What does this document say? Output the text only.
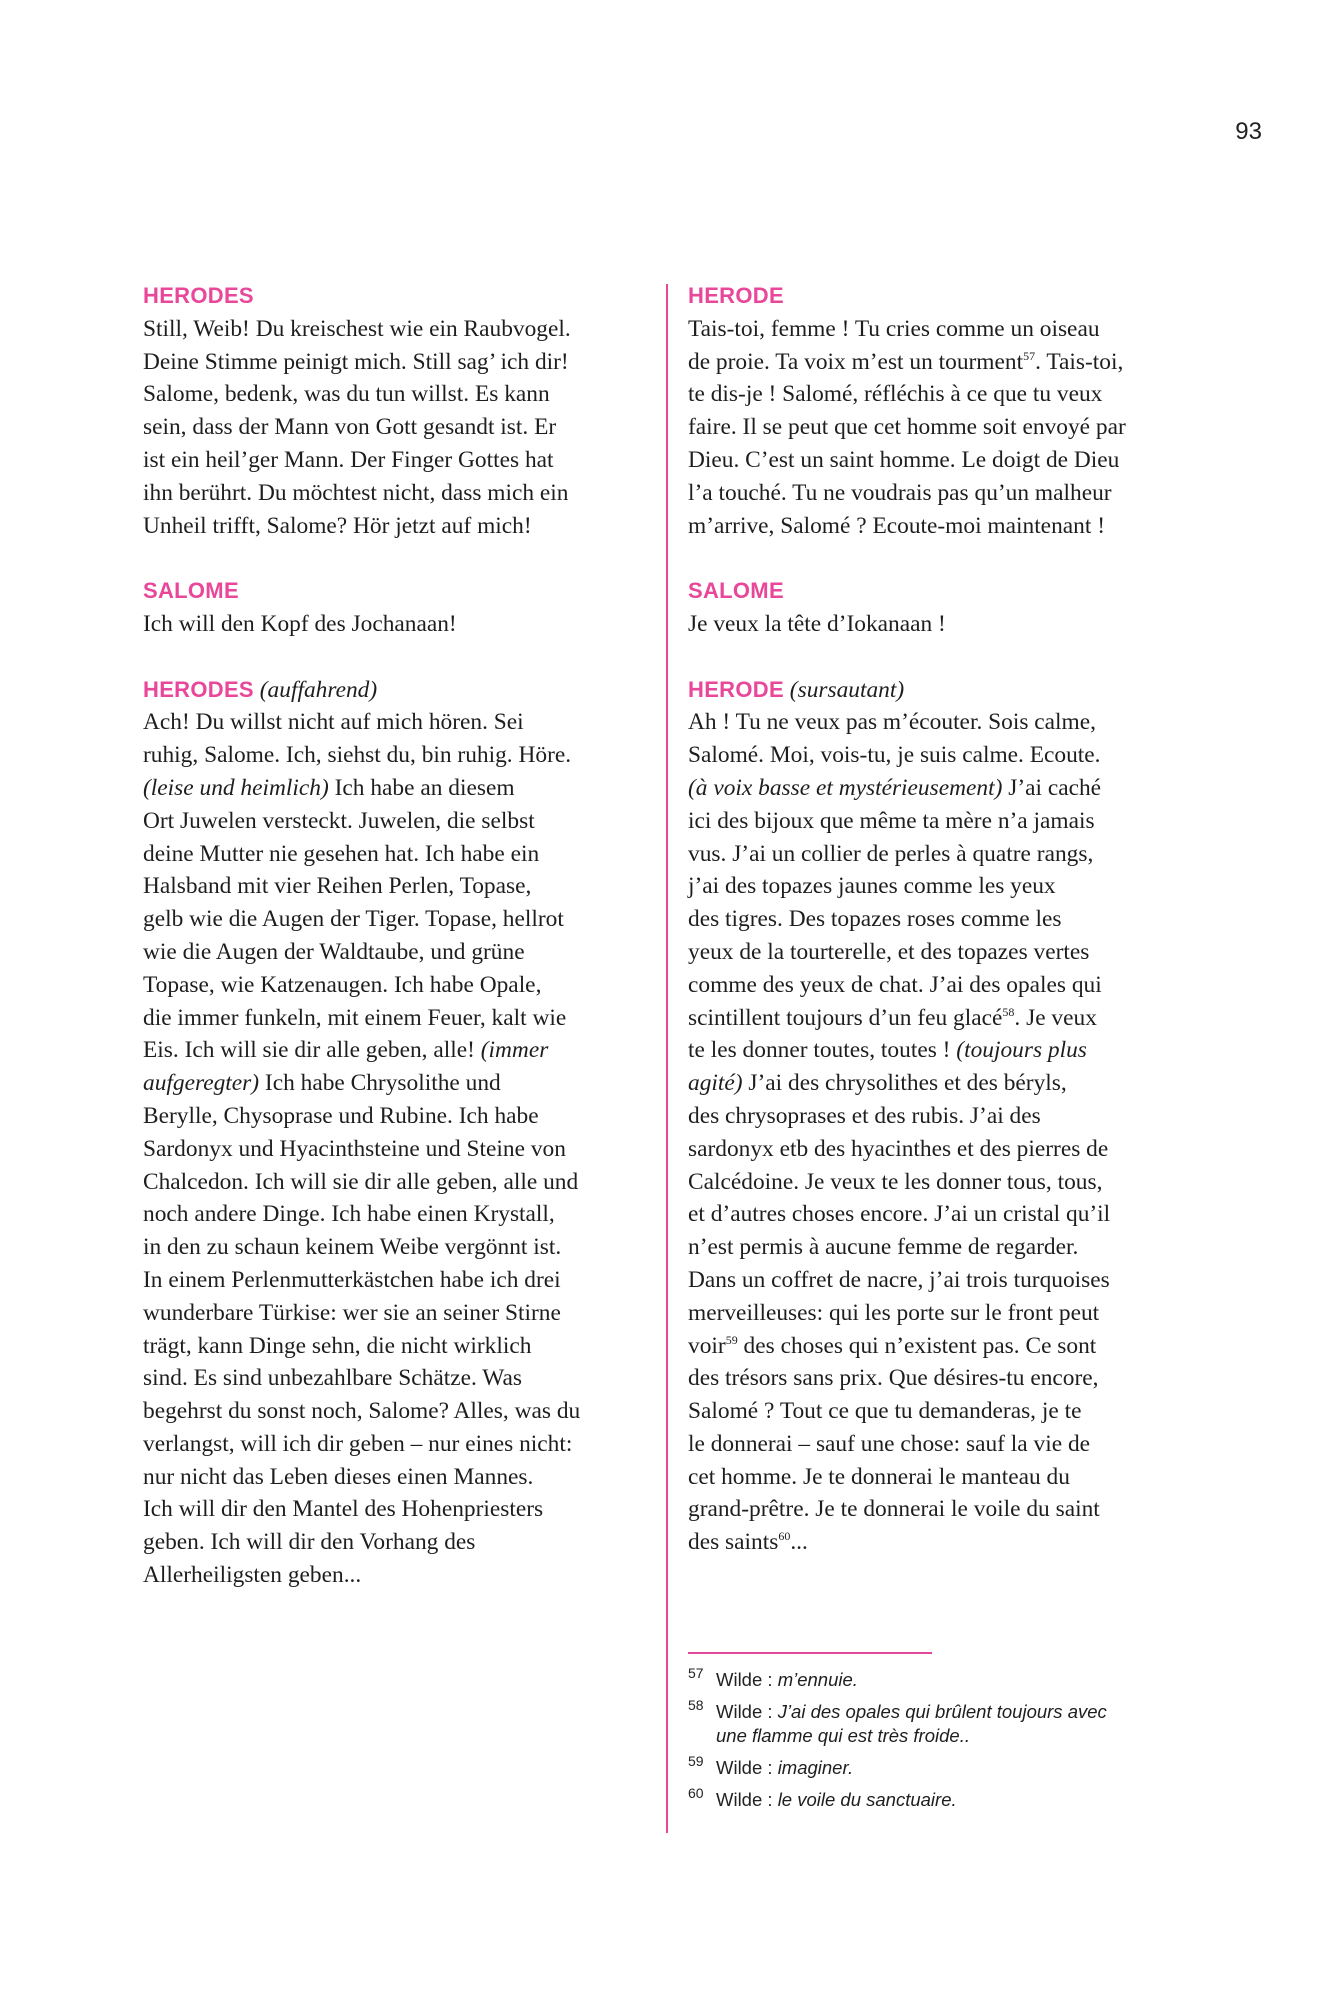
93
HERODES
Still, Weib! Du kreischest wie ein Raubvogel.
Deine Stimme peinigt mich. Still sag’ ich dir!
Salome, bedenk, was du tun willst. Es kann
sein, dass der Mann von Gott gesandt ist. Er
ist ein heil’ger Mann. Der Finger Gottes hat
ihn berührt. Du möchtest nicht, dass mich ein
Unheil trifft, Salome? Hör jetzt auf mich!
SALOME
Ich will den Kopf des Jochanaan!
HERODES (auffahrend)
Ach! Du willst nicht auf mich hören. Sei
ruhig, Salome. Ich, siehst du, bin ruhig. Höre.
(leise und heimlich) Ich habe an diesem
Ort Juwelen versteckt. Juwelen, die selbst
deine Mutter nie gesehen hat. Ich habe ein
Halsband mit vier Reihen Perlen, Topase,
gelb wie die Augen der Tiger. Topase, hellrot
wie die Augen der Waldtaube, und grüne
Topase, wie Katzenaugen. Ich habe Opale,
die immer funkeln, mit einem Feuer, kalt wie
Eis. Ich will sie dir alle geben, alle! (immer
aufgeregter) Ich habe Chrysolithe und
Berylle, Chysoprase und Rubine. Ich habe
Sardonyx und Hyacinthsteine und Steine von
Chalcedon. Ich will sie dir alle geben, alle und
noch andere Dinge. Ich habe einen Krystall,
in den zu schaun keinem Weibe vergönnt ist.
In einem Perlenmutterkästchen habe ich drei
wunderbare Türkise: wer sie an seiner Stirne
trägt, kann Dinge sehn, die nicht wirklich
sind. Es sind unbezahlbare Schätze. Was
begehrst du sonst noch, Salome? Alles, was du
verlangst, will ich dir geben – nur eines nicht:
nur nicht das Leben dieses einen Mannes.
Ich will dir den Mantel des Hohenpriesters
geben. Ich will dir den Vorhang des
Allerheiligsten geben...
HERODE
Tais-toi, femme ! Tu cries comme un oiseau
de proie. Ta voix m’est un tourment$^{57}$. Tais-toi,
te dis-je ! Salomé, réfléchis à ce que tu veux
faire. Il se peut que cet homme soit envoyé par
Dieu. C’est un saint homme. Le doigt de Dieu
l’a touché. Tu ne voudrais pas qu’un malheur
m’arrive, Salomé ? Ecoute-moi maintenant !
SALOME
Je veux la tête d’Iokanaan !
HERODE (sursautant)
Ah ! Tu ne veux pas m’écouter. Sois calme,
Salomé. Moi, vois-tu, je suis calme. Ecoute.
(à voix basse et mystérieusement) J’ai caché
ici des bijoux que même ta mère n’a jamais
vus. J’ai un collier de perles à quatre rangs,
j’ai des topazes jaunes comme les yeux
des tigres. Des topazes roses comme les
yeux de la tourterelle, et des topazes vertes
comme des yeux de chat. J’ai des opales qui
scintillent toujours d’un feu glacé$^{58}$. Je veux
te les donner toutes, toutes ! (toujours plus
agité) J’ai des chrysolithes et des béryls,
des chrysoprases et des rubis. J’ai des
sardonyx etb des hyacinthes et des pierres de
Calcédoine. Je veux te les donner tous, tous,
et d’autres choses encore. J’ai un cristal qu’il
n’est permis à aucune femme de regarder.
Dans un coffret de nacre, j’ai trois turquoises
merveilleuses: qui les porte sur le front peut
voir$^{59}$ des choses qui n’existent pas. Ce sont
des trésors sans prix. Que désires-tu encore,
Salomé ? Tout ce que tu demanderas, je te
le donnerai – sauf une chose: sauf la vie de
cet homme. Je te donnerai le manteau du
grand-prêtre. Je te donnerai le voile du saint
des saints$^{60}$...
57 Wilde : m’ennuie.
58 Wilde : J’ai des opales qui brûlent toujours avec
une flamme qui est très froide..
59 Wilde : imaginer.
60 Wilde : le voile du sanctuaire.
